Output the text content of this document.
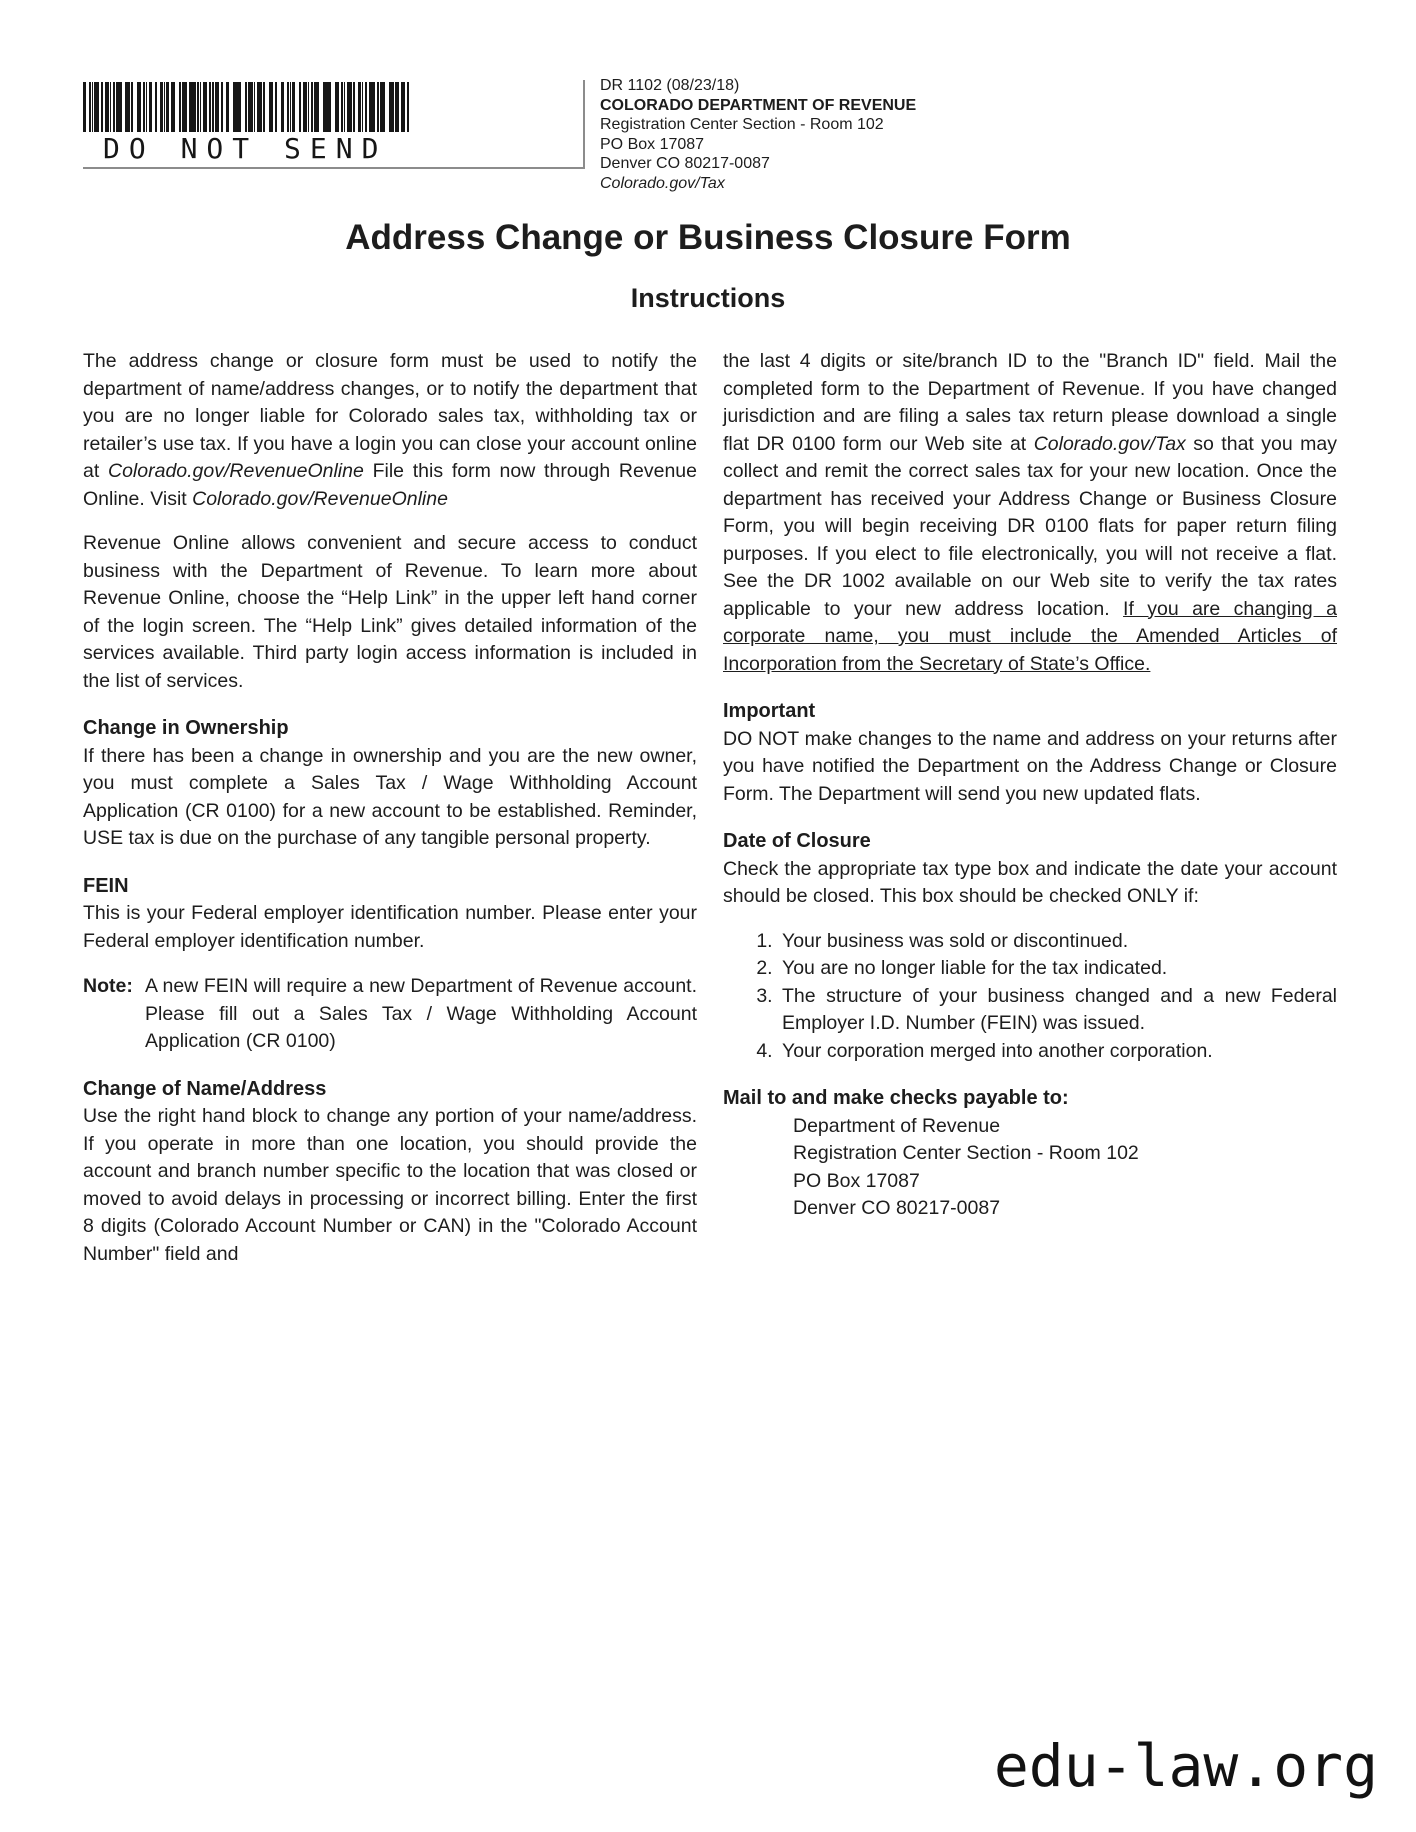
DO NOT SEND
DR 1102 (08/23/18)
COLORADO DEPARTMENT OF REVENUE
Registration Center Section - Room 102
PO Box 17087
Denver CO 80217-0087
Colorado.gov/Tax
Address Change or Business Closure Form
Instructions

The address change or closure form must be used to notify the department of name/address changes, or to notify the department that you are no longer liable for Colorado sales tax, withholding tax or retailer’s use tax. If you have a login you can close your account online at Colorado.gov/RevenueOnline File this form now through Revenue Online. Visit Colorado.gov/RevenueOnline

Revenue Online allows convenient and secure access to conduct business with the Department of Revenue. To learn more about Revenue Online, choose the “Help Link” in the upper left hand corner of the login screen. The “Help Link” gives detailed information of the services available. Third party login access information is included in the list of services.

Change in Ownership

If there has been a change in ownership and you are the new owner, you must complete a Sales Tax / Wage Withholding Account Application (CR 0100) for a new account to be established. Reminder, USE tax is due on the purchase of any tangible personal property.

FEIN

This is your Federal employer identification number. Please enter your Federal employer identification number.

Note: A new FEIN will require a new Department of Revenue account. Please fill out a Sales Tax / Wage Withholding Account Application (CR 0100)

Change of Name/Address

Use the right hand block to change any portion of your name/address. If you operate in more than one location, you should provide the account and branch number specific to the location that was closed or moved to avoid delays in processing or incorrect billing. Enter the first 8 digits (Colorado Account Number or CAN) in the "Colorado Account Number" field and

the last 4 digits or site/branch ID to the "Branch ID" field. Mail the completed form to the Department of Revenue. If you have changed jurisdiction and are filing a sales tax return please download a single flat DR 0100 form our Web site at Colorado.gov/Tax so that you may collect and remit the correct sales tax for your new location. Once the department has received your Address Change or Business Closure Form, you will begin receiving DR 0100 flats for paper return filing purposes. If you elect to file electronically, you will not receive a flat. See the DR 1002 available on our Web site to verify the tax rates applicable to your new address location. If you are changing a corporate name, you must include the Amended Articles of Incorporation from the Secretary of State’s Office.

Important

DO NOT make changes to the name and address on your returns after you have notified the Department on the Address Change or Closure Form. The Department will send you new updated flats.

Date of Closure

Check the appropriate tax type box and indicate the date your account should be closed. This box should be checked ONLY if:

1. Your business was sold or discontinued.
2. You are no longer liable for the tax indicated.
3. The structure of your business changed and a new Federal Employer I.D. Number (FEIN) was issued.
4. Your corporation merged into another corporation.
Mail to and make checks payable to:
Department of Revenue
Registration Center Section - Room 102
PO Box 17087
Denver CO 80217-0087
edu-law.org
